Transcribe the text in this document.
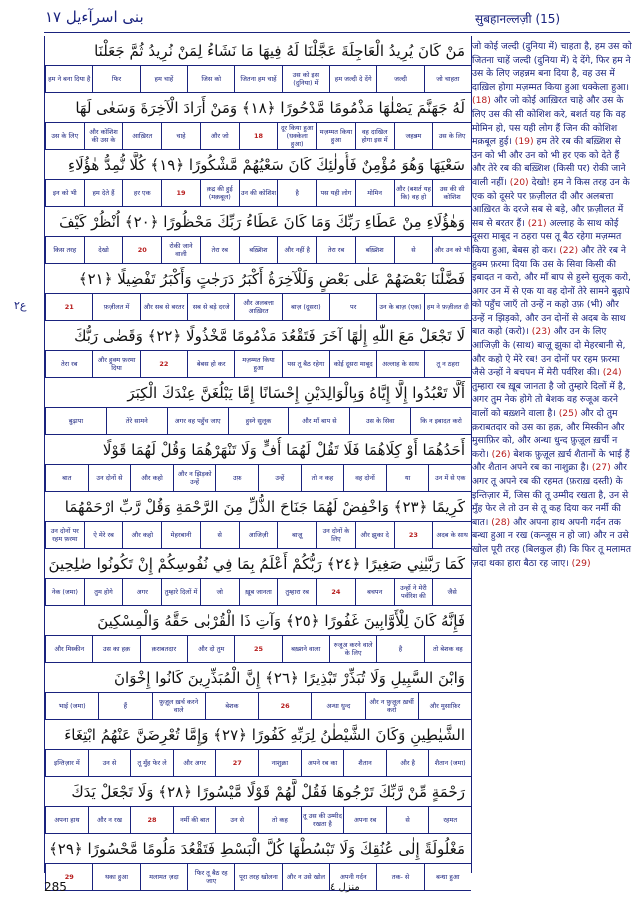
بنی اسرآءیل ١٧	सुबहानल्लज़ी (15)
ع٢
مَنْ كَانَ يُرِيدُ الْعَاجِلَةَ عَجَّلْنَا لَهُ فِيهَا مَا نَشَاءُ لِمَنْ نُرِيدُ ثُمَّ جَعَلْنَا
जो चाहता
जल्दी
हम जल्दी दे देंगे
उस को इस (दुनिया) में
जितना हम चाहें
जिस को
हम चाहें
फिर
हम ने बना दिया है
لَهُ جَهَنَّمَ يَصْلٰهَا مَذْمُومًا مَّدْحُورًا ﴿١٨﴾ وَمَنْ أَرَادَ الْآخِرَةَ وَسَعٰى لَهَا
उस के लिए
जहन्नम
वह दाखिल होगा इस में
मज़म्मत किया हुआ
दूर किया हुआ (धक्केला हुआ)
18
और जो
चाहे
आख़िरत
और कोशिश की उस के
उस के लिए
سَعْيَهَا وَهُوَ مُؤْمِنٌ فَأُولٰئِكَ كَانَ سَعْيُهُمْ مَّشْكُورًا ﴿١٩﴾ كُلًّا نُّمِدُّ هٰؤُلَاءِ
उस की सी कोशिश
और (बशर्त यह कि) वह हो
मोमिन
पस यही लोग
है
उन की कोशिश
क़द्र की हुई (मक़बूल)
19
हर एक
हम देते हैं
इन को भी
وَهٰؤُلَاءِ مِنْ عَطَاءِ رَبِّكَ وَمَا كَانَ عَطَاءُ رَبِّكَ مَحْظُورًا ﴿٢٠﴾ اُنْظُرْ كَيْفَ
और उन को भी
से
बख़्शिश
तेरा रब
और नहीं है
बख़्शिश
तेरा रब
रोकी जाने वाली
20
देखो
किस तरह
فَضَّلْنَا بَعْضَهُمْ عَلٰى بَعْضٍ وَلَلْآخِرَةُ أَكْبَرُ دَرَجٰتٍ وَأَكْبَرُ تَفْضِيلًا ﴿٢١﴾
हम ने फ़ज़ीलत दी
उन के बाज़ (एक)
पर
बाज़ (दूसरा)
और अलबत्ता आख़िरत
सब से बड़े दरजे
और सब से बरतर
फ़ज़ीलत में
21
لَا تَجْعَلْ مَعَ اللّٰهِ إِلٰهًا آخَرَ فَتَقْعُدَ مَذْمُومًا مَّخْذُولًا ﴿٢٢﴾ وَقَضٰى رَبُّكَ
तू न ठहरा
अल्लाह के साथ
कोई दूसरा माबूद
पस तू बैठ रहेगा
मज़म्मत किया हुआ
बेबस हो कर
22
और हुक्म फ़रमा दिया
तेरा रब
أَلَّا تَعْبُدُوا إِلَّا إِيَّاهُ وَبِالْوَالِدَيْنِ إِحْسَانًا إِمَّا يَبْلُغَنَّ عِنْدَكَ الْكِبَرَ
कि न इबादत करो
उस के सिवा
और माँ बाप से
हुस्ने सुलूक
अगर वह पहुँच जाए
तेरे सामने
बुढ़ापा
أَحَدُهُمَا أَوْ كِلَاهُمَا فَلَا تَقُلْ لَهُمَا أُفٍّ وَلَا تَنْهَرْهُمَا وَقُلْ لَهُمَا قَوْلًا
उन में से एक
या
वह दोनों
तो न कह
उन्हें
उफ़
और न झिड़को उन्हें
और कहो
उन दोनों से
बात
كَرِيمًا ﴿٢٣﴾ وَاخْفِضْ لَهُمَا جَنَاحَ الذُّلِّ مِنَ الرَّحْمَةِ وَقُلْ رَّبِّ ارْحَمْهُمَا
अदब के साथ
23
और झुका दे
उन दोनों के लिए
बाज़ू
आजिज़ी
से
मेहरबानी
और कहो
ऐ मेरे रब
उन दोनों पर रहम फ़रमा
كَمَا رَبَّيٰنِي صَغِيرًا ﴿٢٤﴾ رَبُّكُمْ أَعْلَمُ بِمَا فِي نُفُوسِكُمْ إِنْ تَكُونُوا صٰلِحِينَ
जैसे
उन्हों ने मेरी पर्वरिश की
बचपन
24
तुम्हारा रब
ख़ूब जानता
जो
तुम्हारे दिलों में
अगर
तुम होगे
नेक (जमा)
فَإِنَّهُ كَانَ لِلْأَوَّابِينَ غَفُورًا ﴿٢٥﴾ وَآتِ ذَا الْقُرْبٰى حَقَّهُ وَالْمِسْكِينَ
तो बेशक वह
है
रुजूअ करने वाले के लिए
बख़्शने वाला
25
और दो तुम
क़राबतदार
उस का हक़
और मिस्कीन
وَابْنَ السَّبِيلِ وَلَا تُبَذِّرْ تَبْذِيرًا ﴿٢٦﴾ إِنَّ الْمُبَذِّرِينَ كَانُوا إِخْوَانَ
और मुसाफ़िर
और न फ़ुज़ूल ख़र्ची करो
अन्धा धुन्द
26
बेशक
फ़ुज़ूल ख़र्च करने वाले
हैं
भाई (जमा)
الشَّيٰطِينِ وَكَانَ الشَّيْطٰنُ لِرَبِّهِ كَفُورًا ﴿٢٧﴾ وَإِمَّا تُعْرِضَنَّ عَنْهُمُ ابْتِغَاءَ
शैतान (जमा)
और है
शैतान
अपने रब का
नाशुक्रा
27
और अगर
तू मुँह फेर ले
उन से
इन्तिज़ार में
رَحْمَةٍ مِّنْ رَّبِّكَ تَرْجُوهَا فَقُلْ لَّهُمْ قَوْلًا مَّيْسُورًا ﴿٢٨﴾ وَلَا تَجْعَلْ يَدَكَ
रहमत
से
अपना रब
तू उस की उम्मीद रखता है
तो कह
उन से
नर्मी की बात
28
और न रख
अपना हाथ
مَغْلُولَةً إِلٰى عُنُقِكَ وَلَا تَبْسُطْهَا كُلَّ الْبَسْطِ فَتَقْعُدَ مَلُومًا مَّحْسُورًا ﴿٢٩﴾
बन्धा हुआ
तक- से
अपनी गर्दन
और न उसे खोल
पूरा तरह खोलना
फिर तू बैठ रह जाए
मलामत ज़दा
थका हुआ
29
जो कोई जल्दी (दुनिया में) चाहता है, हम उस को जितना चाहें जल्दी (दुनिया में) दे देंगे, फिर हम ने उस के लिए जहन्नम बना दिया है, वह उस में दाख़िल होगा मज़म्मत किया हुआ धक्केला हुआ। (18) और जो कोई आख़िरत चाहे और उस के लिए उस की सी कोशिश करे, बशर्त यह कि वह मोमिन हो, पस यही लोग हैं जिन की कोशिश मक़बूल हुई। (19) हम तेरे रब की बख़्शिश से उन को भी और उन को भी हर एक को देते हैं और तेरे रब की बख़्शिश (किसी पर) रोकी जाने वाली नहीं। (20) देखो! हम ने किस तरह उन के एक को दूसरे पर फ़ज़ीलत दी और अलबत्ता आख़िरत के दरजे सब से बड़े, और फ़ज़ीलत में सब से बरतर हैं। (21) अल्लाह के साथ कोई दूसरा माबूद न ठहरा पस तू बैठ रहेगा मज़म्मत किया हुआ, बेबस हो कर। (22) और तेरे रब ने हुक्म फ़रमा दिया कि उस के सिवा किसी की इबादत न करो, और माँ बाप से हुस्ने सुलूक करो, अगर उन में से एक या वह दोनों तेरे सामने बुढ़ापे को पहुँच जाएँ तो उन्हें न कहो उफ़ (भी) और उन्हें न झिड़को, और उन दोनों से अदब के साथ बात कहो (करो)। (23) और उन के लिए आजिज़ी के (साथ) बाज़ू झुका दो मेहरबानी से, और कहो ऐ मेरे रब! उन दोनों पर रहम फ़रमा जैसे उन्हों ने बचपन में मेरी पर्वरिश की। (24) तुम्हारा रब ख़ूब जानता है जो तुम्हारे दिलों में है, अगर तुम नेक होगे तो बेशक वह रुजूअ करने वालों को बख़्शने वाला है। (25) और दो तुम क़राबतदार को उस का हक़, और मिस्कीन और मुसाफ़िर को, और अन्धा धुन्द फ़ुज़ूल ख़र्ची न करो। (26) बेशक फ़ुज़ूल ख़र्च शैतानों के भाई हैं और शैतान अपने रब का नाशुक्रा है। (27) और अगर तू अपने रब की रहमत (फ़राख़ दस्ती) के इन्तिज़ार में, जिस की तू उम्मीद रखता है, उन से मुँह फेर ले तो उन से तू कह दिया कर नर्मी की बात। (28) और अपना हाथ अपनी गर्दन तक बन्धा हुआ न रख (कन्जूस न हो जा) और न उसे खोल पूरी तरह (बिलकुल ही) कि फिर तू मलामत ज़दा थका हारा बैठा रह जाए। (29)
285	منزل ٤
